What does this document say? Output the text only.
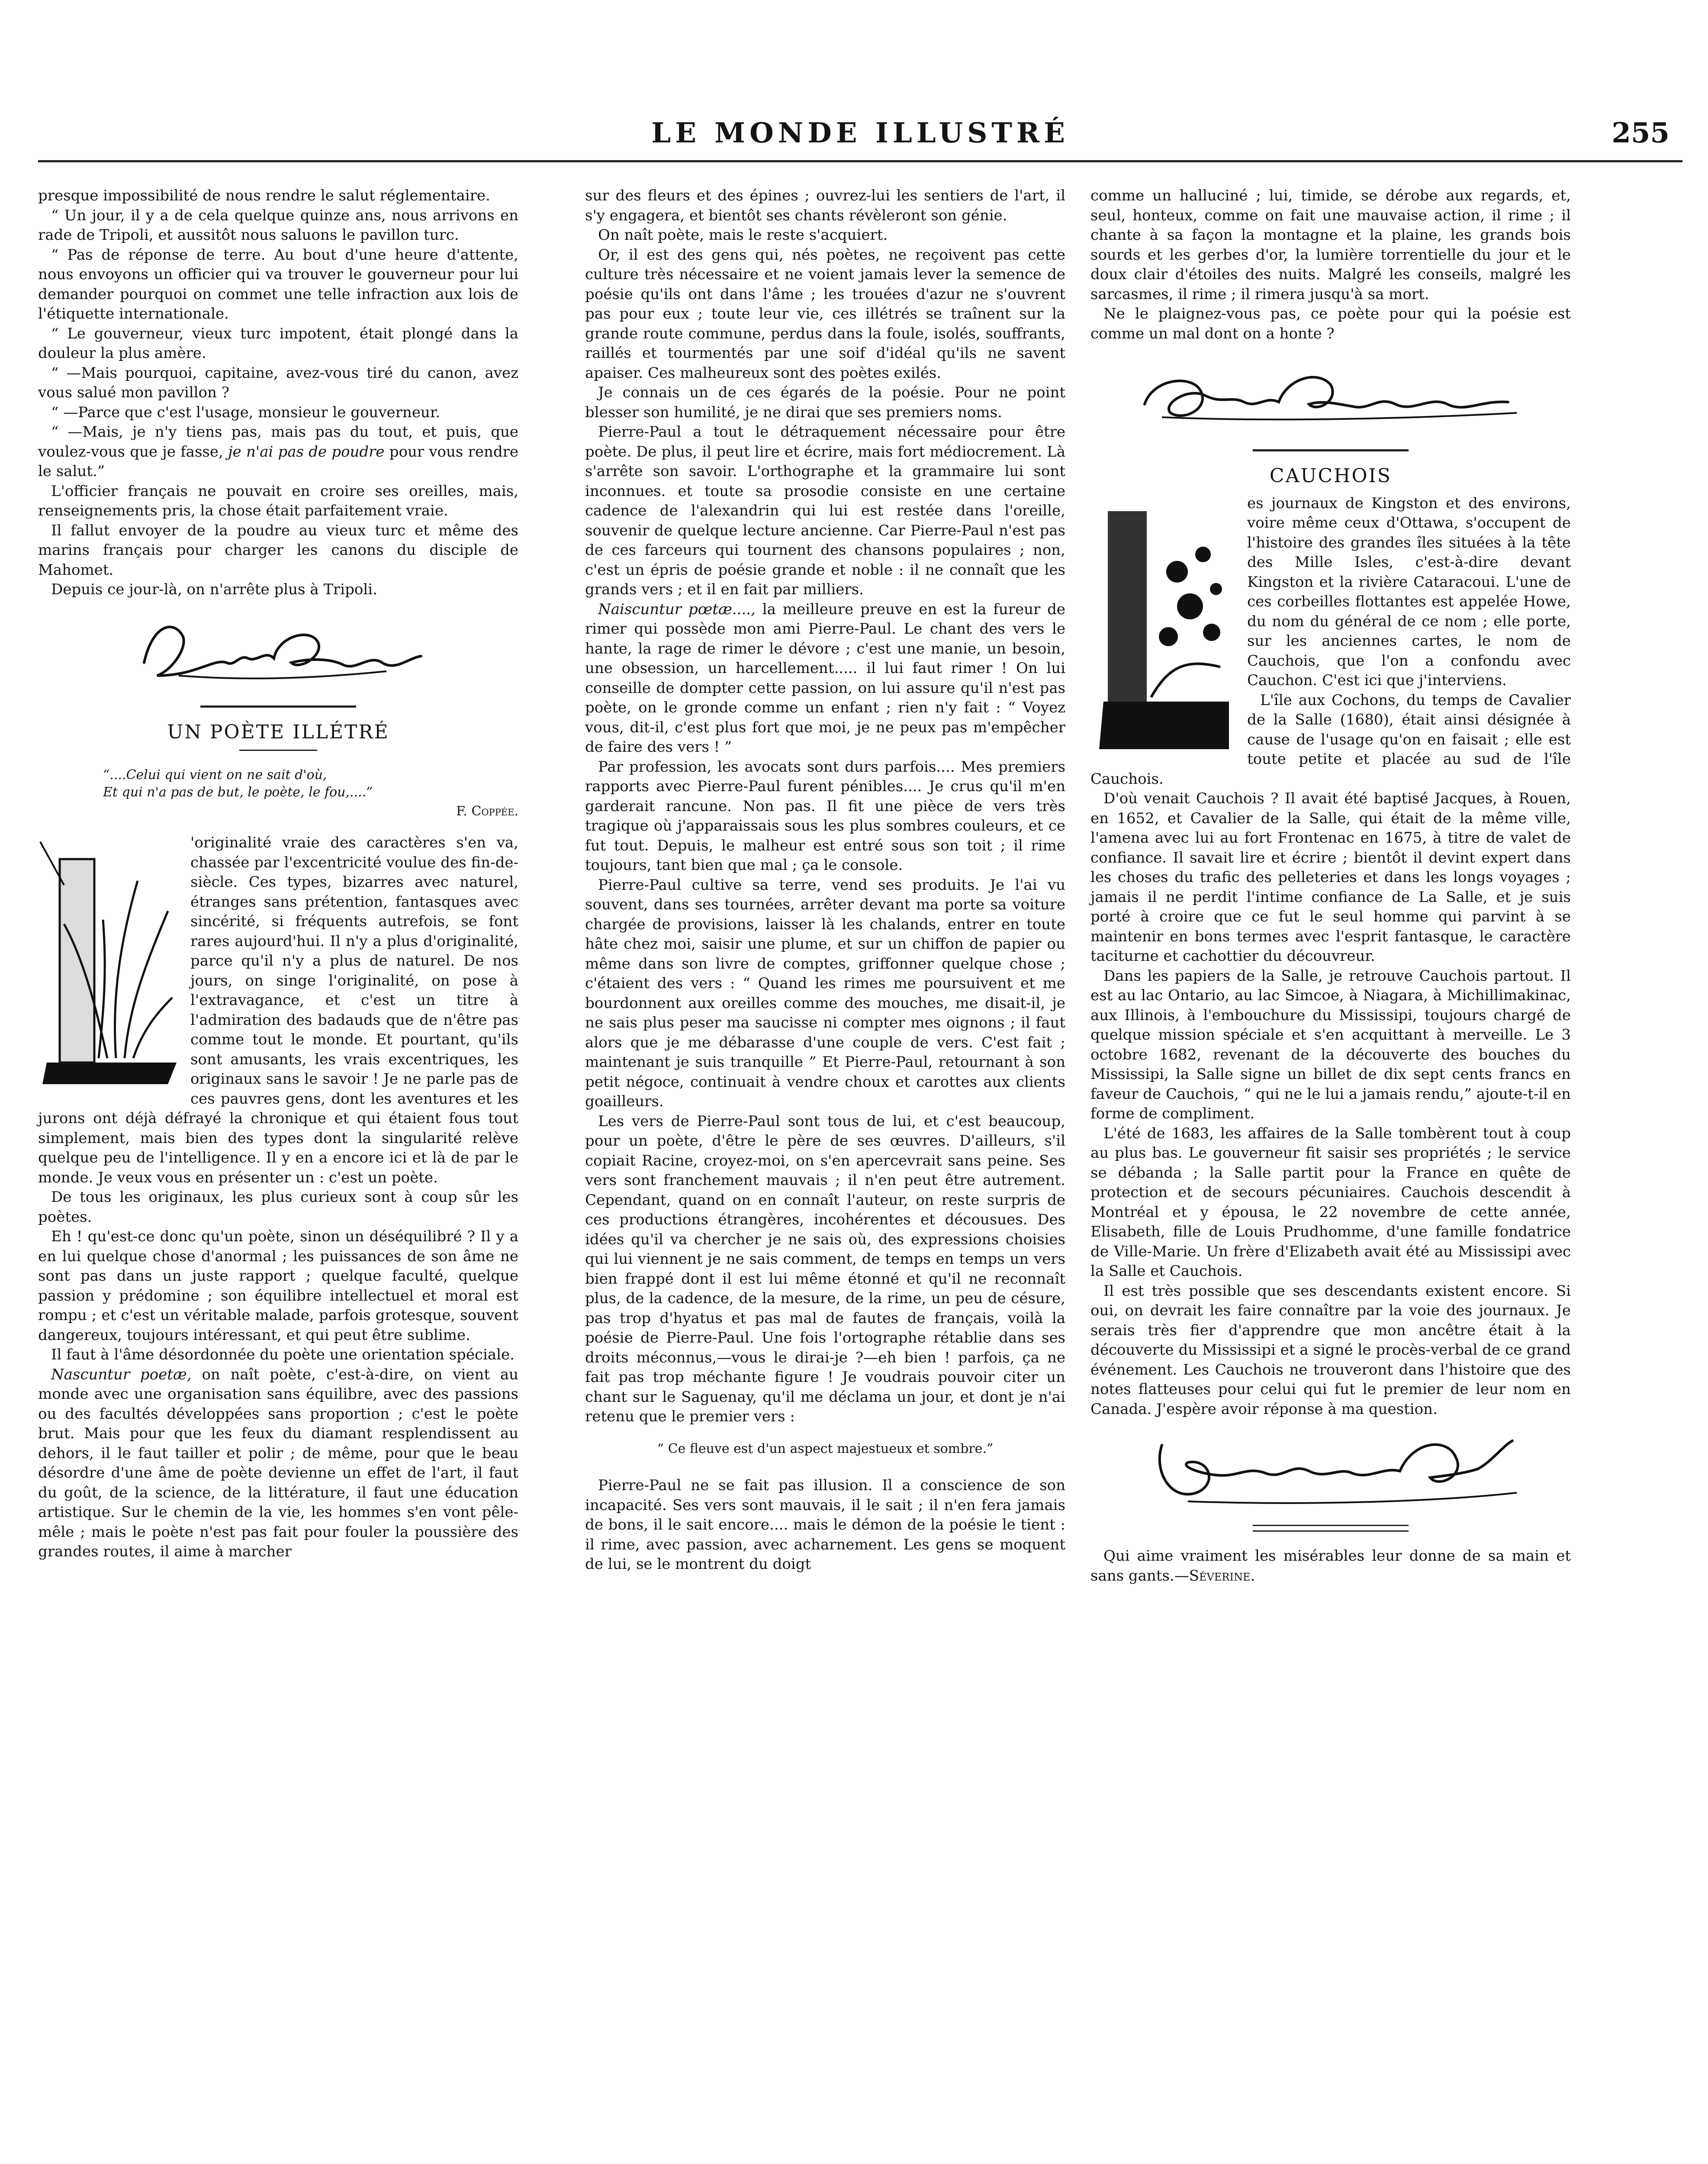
LE MONDE ILLUSTRÉ	255

presque impossibilité de nous rendre le salut réglementaire.

“ Un jour, il y a de cela quelque quinze ans, nous arrivons en rade de Tripoli, et aussitôt nous saluons le pavillon turc.

“ Pas de réponse de terre. Au bout d'une heure d'attente, nous envoyons un officier qui va trouver le gouverneur pour lui demander pourquoi on commet une telle infraction aux lois de l'étiquette internationale.

“ Le gouverneur, vieux turc impotent, était plongé dans la douleur la plus amère.

“ —Mais pourquoi, capitaine, avez-vous tiré du canon, avez vous salué mon pavillon ?

“ —Parce que c'est l'usage, monsieur le gouverneur.

“ —Mais, je n'y tiens pas, mais pas du tout, et puis, que voulez-vous que je fasse, je n'ai pas de poudre pour vous rendre le salut.”

L'officier français ne pouvait en croire ses oreilles, mais, renseignements pris, la chose était parfaitement vraie.

Il fallut envoyer de la poudre au vieux turc et même des marins français pour charger les canons du disciple de Mahomet.

Depuis ce jour-là, on n'arrête plus à Tripoli.

UN POÈTE ILLÉTRÉ
“....Celui qui vient on ne sait d'où,
Et qui n'a pas de but, le poète, le fou,....”
F. Coppée.

'originalité vraie des caractères s'en va, chassée par l'excentricité voulue des fin-de-siècle. Ces types, bizarres avec naturel, étranges sans prétention, fantasques avec sincérité, si fréquents autrefois, se font rares aujourd'hui. Il n'y a plus d'originalité, parce qu'il n'y a plus de naturel. De nos jours, on singe l'originalité, on pose à l'extravagance, et c'est un titre à l'admiration des badauds que de n'être pas comme tout le monde. Et pourtant, qu'ils sont amusants, les vrais excentriques, les originaux sans le savoir ! Je ne parle pas de ces pauvres gens, dont les aventures et les jurons ont déjà défrayé la chronique et qui étaient fous tout simplement, mais bien des types dont la singularité relève quelque peu de l'intelligence. Il y en a encore ici et là de par le monde. Je veux vous en présenter un : c'est un poète.

De tous les originaux, les plus curieux sont à coup sûr les poètes.

Eh ! qu'est-ce donc qu'un poète, sinon un déséquilibré ? Il y a en lui quelque chose d'anormal ; les puissances de son âme ne sont pas dans un juste rapport ; quelque faculté, quelque passion y prédomine ; son équilibre intellectuel et moral est rompu ; et c'est un véritable malade, parfois grotesque, souvent dangereux, toujours intéressant, et qui peut être sublime.

Il faut à l'âme désordonnée du poète une orientation spéciale.

Nascuntur poetæ, on naît poète, c'est-à-dire, on vient au monde avec une organisation sans équilibre, avec des passions ou des facultés développées sans proportion ; c'est le poète brut. Mais pour que les feux du diamant resplendissent au dehors, il le faut tailler et polir ; de même, pour que le beau désordre d'une âme de poète devienne un effet de l'art, il faut du goût, de la science, de la littérature, il faut une éducation artistique. Sur le chemin de la vie, les hommes s'en vont pêle-mêle ; mais le poète n'est pas fait pour fouler la poussière des grandes routes, il aime à marcher

sur des fleurs et des épines ; ouvrez-lui les sentiers de l'art, il s'y engagera, et bientôt ses chants révèleront son génie.

On naît poète, mais le reste s'acquiert.

Or, il est des gens qui, nés poètes, ne reçoivent pas cette culture très nécessaire et ne voient jamais lever la semence de poésie qu'ils ont dans l'âme ; les trouées d'azur ne s'ouvrent pas pour eux ; toute leur vie, ces illétrés se traînent sur la grande route commune, perdus dans la foule, isolés, souffrants, raillés et tourmentés par une soif d'idéal qu'ils ne savent apaiser. Ces malheureux sont des poètes exilés.

Je connais un de ces égarés de la poésie. Pour ne point blesser son humilité, je ne dirai que ses premiers noms.

Pierre-Paul a tout le détraquement nécessaire pour être poète. De plus, il peut lire et écrire, mais fort médiocrement. Là s'arrête son savoir. L'orthographe et la grammaire lui sont inconnues. et toute sa prosodie consiste en une certaine cadence de l'alexandrin qui lui est restée dans l'oreille, souvenir de quelque lecture ancienne. Car Pierre-Paul n'est pas de ces farceurs qui tournent des chansons populaires ; non, c'est un épris de poésie grande et noble : il ne connaît que les grands vers ; et il en fait par milliers.

Naiscuntur pœtæ...., la meilleure preuve en est la fureur de rimer qui possède mon ami Pierre-Paul. Le chant des vers le hante, la rage de rimer le dévore ; c'est une manie, un besoin, une obsession, un harcellement..... il lui faut rimer ! On lui conseille de dompter cette passion, on lui assure qu'il n'est pas poète, on le gronde comme un enfant ; rien n'y fait : “ Voyez vous, dit-il, c'est plus fort que moi, je ne peux pas m'empêcher de faire des vers ! ”

Par profession, les avocats sont durs parfois.... Mes premiers rapports avec Pierre-Paul furent pénibles.... Je crus qu'il m'en garderait rancune. Non pas. Il fit une pièce de vers très tragique où j'apparaissais sous les plus sombres couleurs, et ce fut tout. Depuis, le malheur est entré sous son toit ; il rime toujours, tant bien que mal ; ça le console.

Pierre-Paul cultive sa terre, vend ses produits. Je l'ai vu souvent, dans ses tournées, arrêter devant ma porte sa voiture chargée de provisions, laisser là les chalands, entrer en toute hâte chez moi, saisir une plume, et sur un chiffon de papier ou même dans son livre de comptes, griffonner quelque chose ; c'étaient des vers : “ Quand les rimes me poursuivent et me bourdonnent aux oreilles comme des mouches, me disait-il, je ne sais plus peser ma saucisse ni compter mes oignons ; il faut alors que je me débarasse d'une couple de vers. C'est fait ; maintenant je suis tranquille ” Et Pierre-Paul, retournant à son petit négoce, continuait à vendre choux et carottes aux clients goailleurs.

Les vers de Pierre-Paul sont tous de lui, et c'est beaucoup, pour un poète, d'être le père de ses œuvres. D'ailleurs, s'il copiait Racine, croyez-moi, on s'en apercevrait sans peine. Ses vers sont franchement mauvais ; il n'en peut être autrement. Cependant, quand on en connaît l'auteur, on reste surpris de ces productions étrangères, incohérentes et décousues. Des idées qu'il va chercher je ne sais où, des expressions choisies qui lui viennent je ne sais comment, de temps en temps un vers bien frappé dont il est lui même étonné et qu'il ne reconnaît plus, de la cadence, de la mesure, de la rime, un peu de césure, pas trop d'hyatus et pas mal de fautes de français, voilà la poésie de Pierre-Paul. Une fois l'ortographe rétablie dans ses droits méconnus,—vous le dirai-je ?—eh bien ! parfois, ça ne fait pas trop méchante figure ! Je voudrais pouvoir citer un chant sur le Saguenay, qu'il me déclama un jour, et dont je n'ai retenu que le premier vers :

“ Ce fleuve est d'un aspect majestueux et sombre.”

Pierre-Paul ne se fait pas illusion. Il a conscience de son incapacité. Ses vers sont mauvais, il le sait ; il n'en fera jamais de bons, il le sait encore.... mais le démon de la poésie le tient : il rime, avec passion, avec acharnement. Les gens se moquent de lui, se le montrent du doigt

comme un halluciné ; lui, timide, se dérobe aux regards, et, seul, honteux, comme on fait une mauvaise action, il rime ; il chante à sa façon la montagne et la plaine, les grands bois sourds et les gerbes d'or, la lumière torrentielle du jour et le doux clair d'étoiles des nuits. Malgré les conseils, malgré les sarcasmes, il rime ; il rimera jusqu'à sa mort.

Ne le plaignez-vous pas, ce poète pour qui la poésie est comme un mal dont on a honte ?

CAUCHOIS

es journaux de Kingston et des environs, voire même ceux d'Ottawa, s'occupent de l'histoire des grandes îles situées à la tête des Mille Isles, c'est-à-dire devant Kingston et la rivière Cataracoui. L'une de ces corbeilles flottantes est appelée Howe, du nom du général de ce nom ; elle porte, sur les anciennes cartes, le nom de Cauchois, que l'on a confondu avec Cauchon. C'est ici que j'interviens.

L'île aux Cochons, du temps de Cavalier de la Salle (1680), était ainsi désignée à cause de l'usage qu'on en faisait ; elle est toute petite et placée au sud de l'île Cauchois.

D'où venait Cauchois ? Il avait été baptisé Jacques, à Rouen, en 1652, et Cavalier de la Salle, qui était de la même ville, l'amena avec lui au fort Frontenac en 1675, à titre de valet de confiance. Il savait lire et écrire ; bientôt il devint expert dans les choses du trafic des pelleteries et dans les longs voyages ; jamais il ne perdit l'intime confiance de La Salle, et je suis porté à croire que ce fut le seul homme qui parvint à se maintenir en bons termes avec l'esprit fantasque, le caractère taciturne et cachottier du découvreur.

Dans les papiers de la Salle, je retrouve Cauchois partout. Il est au lac Ontario, au lac Simcoe, à Niagara, à Michillimakinac, aux Illinois, à l'embouchure du Mississipi, toujours chargé de quelque mission spéciale et s'en acquittant à merveille. Le 3 octobre 1682, revenant de la découverte des bouches du Mississipi, la Salle signe un billet de dix sept cents francs en faveur de Cauchois, “ qui ne le lui a jamais rendu,” ajoute-t-il en forme de compliment.

L'été de 1683, les affaires de la Salle tombèrent tout à coup au plus bas. Le gouverneur fit saisir ses propriétés ; le service se débanda ; la Salle partit pour la France en quête de protection et de secours pécuniaires. Cauchois descendit à Montréal et y épousa, le 22 novembre de cette année, Elisabeth, fille de Louis Prudhomme, d'une famille fondatrice de Ville-Marie. Un frère d'Elizabeth avait été au Mississipi avec la Salle et Cauchois.

Il est très possible que ses descendants existent encore. Si oui, on devrait les faire connaître par la voie des journaux. Je serais très fier d'apprendre que mon ancêtre était à la découverte du Mississipi et a signé le procès-verbal de ce grand événement. Les Cauchois ne trouveront dans l'histoire que des notes flatteuses pour celui qui fut le premier de leur nom en Canada. J'espère avoir réponse à ma question.

Qui aime vraiment les misérables leur donne de sa main et sans gants.—Séverine.
